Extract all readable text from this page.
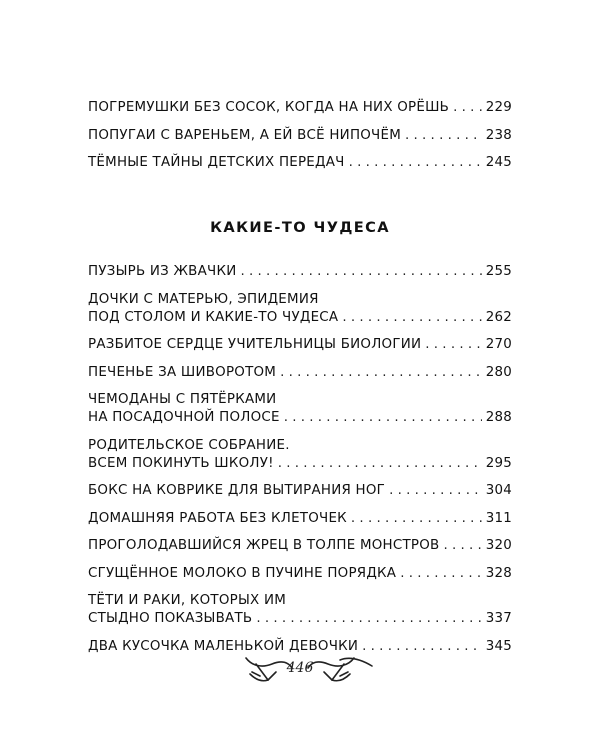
ПОГРЕМУШКИ БЕЗ СОСОК, КОГДА НА НИХ ОРЁШЬ . . .	229
ПОПУГАИ С ВАРЕНЬЕМ, А ЕЙ ВСЁ НИПОЧЁМ . . .	238
ТЁМНЫЕ ТАЙНЫ ДЕТСКИХ ПЕРЕДАЧ . . .	245
КАКИЕ-ТО ЧУДЕСА
ПУЗЫРЬ ИЗ ЖВАЧКИ . . .	255
ДОЧКИ С МАТЕРЬЮ, ЭПИДЕМИЯ
ПОД СТОЛОМ И КАКИЕ-ТО ЧУДЕСА . . .	262
РАЗБИТОЕ СЕРДЦЕ УЧИТЕЛЬНИЦЫ БИОЛОГИИ . . .	270
ПЕЧЕНЬЕ ЗА ШИВОРОТОМ . . .	280
ЧЕМОДАНЫ С ПЯТЁРКАМИ
НА ПОСАДОЧНОЙ ПОЛОСЕ . . .	288
РОДИТЕЛЬСКОЕ СОБРАНИЕ.
ВСЕМ ПОКИНУТЬ ШКОЛУ! . . .	295
БОКС НА КОВРИКЕ ДЛЯ ВЫТИРАНИЯ НОГ . . .	304
ДОМАШНЯЯ РАБОТА БЕЗ КЛЕТОЧЕК . . .	311
ПРОГОЛОДАВШИЙСЯ ЖРЕЦ В ТОЛПЕ МОНСТРОВ . . .	320
СГУЩЁННОЕ МОЛОКО В ПУЧИНЕ ПОРЯДКА . . .	328
ТЁТИ И РАКИ, КОТОРЫХ ИМ
СТЫДНО ПОКАЗЫВАТЬ . . .	337
ДВА КУСОЧКА МАЛЕНЬКОЙ ДЕВОЧКИ . . .	345
446
